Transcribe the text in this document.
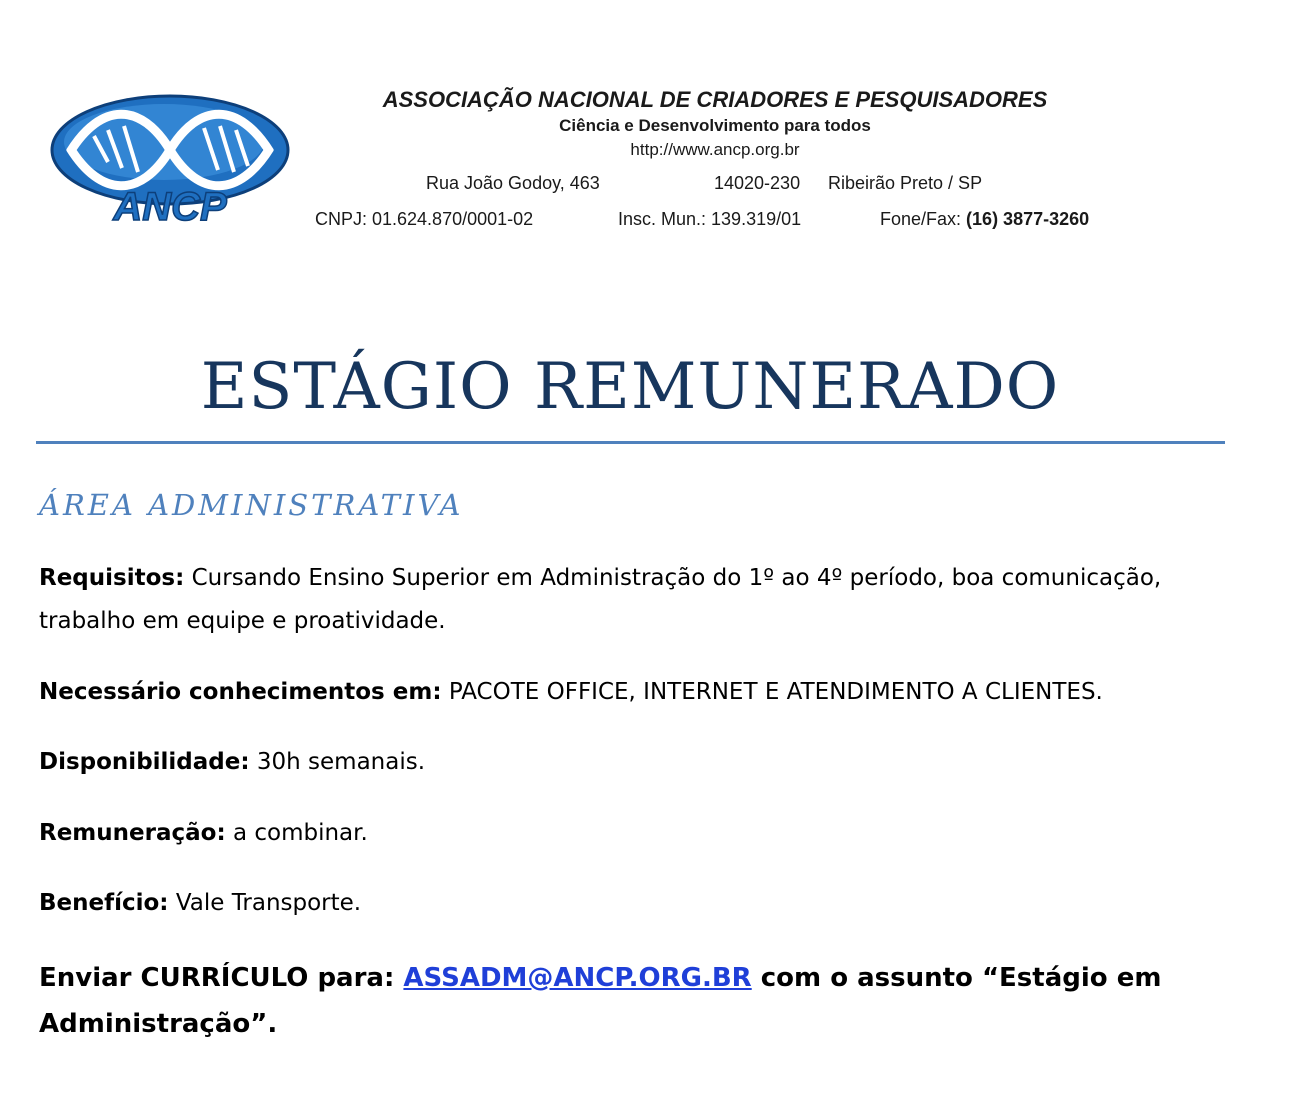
ANCP
ASSOCIAÇÃO NACIONAL DE CRIADORES E PESQUISADORES
Ciência e Desenvolvimento para todos
http://www.ancp.org.br
Rua João Godoy, 463	14020-230 Ribeirão Preto / SP
CNPJ: 01.624.870/0001-02	Insc. Mun.: 139.319/01	Fone/Fax: (16) 3877-3260
ESTÁGIO REMUNERADO
ÁREA ADMINISTRATIVA
Requisitos: Cursando Ensino Superior em Administração do 1º ao 4º período, boa comunicação, trabalho em equipe e proatividade.
Necessário conhecimentos em: PACOTE OFFICE, INTERNET E ATENDIMENTO A CLIENTES.
Disponibilidade: 30h semanais.
Remuneração: a combinar.
Benefício: Vale Transporte.
Enviar CURRÍCULO para: ASSADM@ANCP.ORG.BR com o assunto “Estágio em Administração”.
